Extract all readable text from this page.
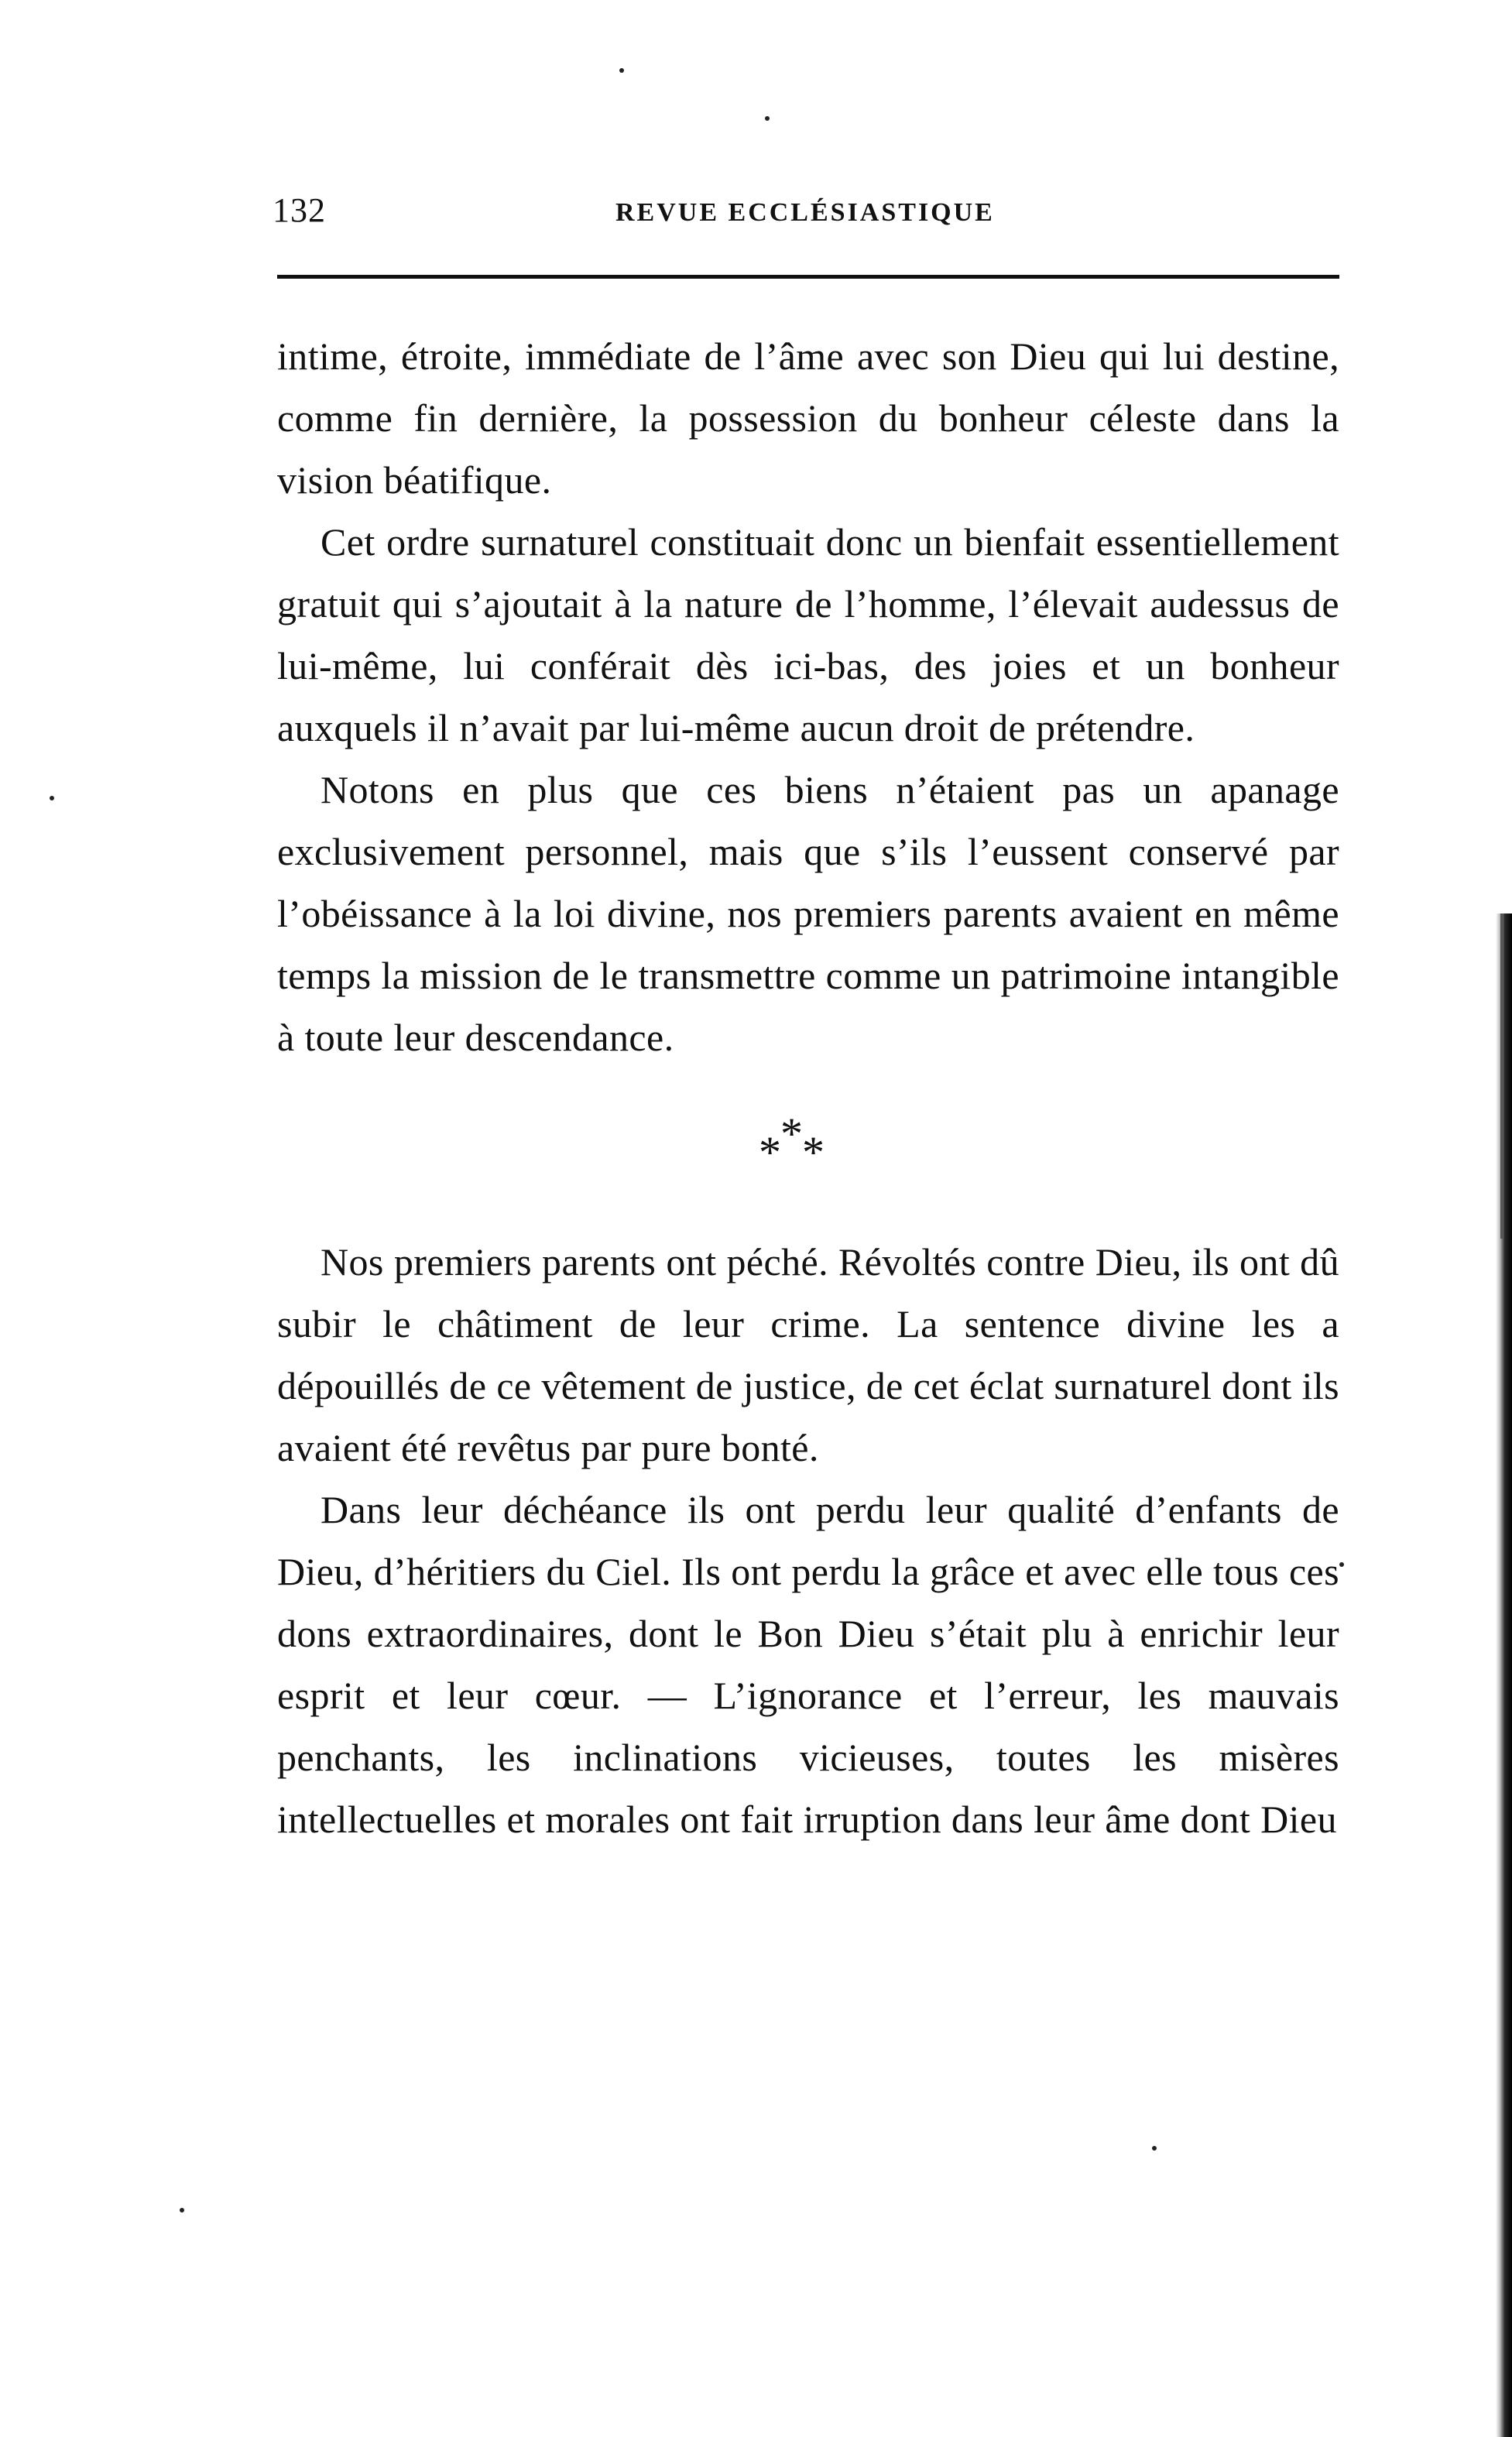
132	REVUE ECCLÉSIASTIQUE

intime, étroite, immédiate de l’âme avec son Dieu qui lui destine, comme fin dernière, la possession du bonheur céleste dans la vision béatifique.

Cet ordre surnaturel constituait donc un bienfait essentiellement gratuit qui s’ajoutait à la nature de l’homme, l’élevait audessus de lui-même, lui conférait dès ici-bas, des joies et un bonheur auxquels il n’avait par lui-même aucun droit de prétendre.

Notons en plus que ces biens n’étaient pas un apanage exclusivement personnel, mais que s’ils l’eussent conservé par l’obéissance à la loi divine, nos premiers parents avaient en même temps la mission de le transmettre comme un patrimoine intangible à toute leur descendance.

*
* *

Nos premiers parents ont péché. Révoltés contre Dieu, ils ont dû subir le châtiment de leur crime. La sentence divine les a dépouillés de ce vêtement de justice, de cet éclat surnaturel dont ils avaient été revêtus par pure bonté.

Dans leur déchéance ils ont perdu leur qualité d’enfants de Dieu, d’héritiers du Ciel. Ils ont perdu la grâce et avec elle tous ces dons extraordinaires, dont le Bon Dieu s’était plu à enrichir leur esprit et leur cœur. — L’ignorance et l’erreur, les mauvais penchants, les inclinations vicieuses, toutes les misères intellectuelles et morales ont fait irruption dans leur âme dont Dieu
